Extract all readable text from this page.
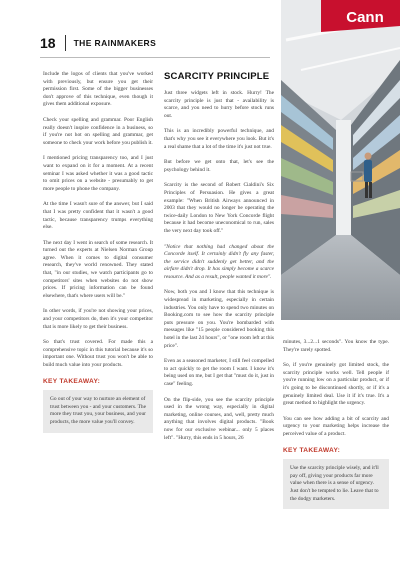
18 THE RAINMAKERS

Include the logos of clients that you've worked with previously, but ensure you get their permission first. Some of the bigger businesses don't approve of this technique, even though it gives them additional exposure.

Check your spelling and grammar. Poor English really doesn't inspire confidence in a business, so if you're not hot on spelling and grammar, get someone to check your work before you publish it.

I mentioned pricing transparency too, and I just want to expand on it for a moment. At a recent seminar I was asked whether it was a good tactic to omit prices on a website - presumably to get more people to phone the company.

At the time I wasn't sure of the answer, but I said that I was pretty confident that it wasn't a good tactic, because transparency trumps everything else.

The next day I went in search of some research. It turned out the experts at Nielsen Norman Group agree. When it comes to digital consumer research, they've world renowned. They stated that, "in our studies, we watch participants go to competitors' sites when websites do not show prices. If pricing information can be found elsewhere, that's where users will be."

In other words, if you're not showing your prices, and your competitors do, then it's your competitor that is more likely to get their business.

So that's trust covered. For made this a comprehensive topic in this tutorial because it's so important one. Without trust you won't be able to build much value into your products.

KEY TAKEAWAY:
Go out of your way to nurture an element of trust between you - and your customers. The more they trust you, your business, and your products, the more value you'll convey.
SCARCITY PRINCIPLE

Just three widgets left in stock. Hurry! The scarcity principle is just that - availability is scarce, and you need to hurry before stock runs out.

This is an incredibly powerful technique, and that's why you see it everywhere you look. But it's a real shame that a lot of the time it's just not true.

But before we get onto that, let's see the psychology behind it.

Scarcity is the second of Robert Cialdini's Six Principles of Persuasion. He gives a great example: "When British Airways announced in 2003 that they would no longer be operating the twice-daily London to New York Concorde flight because it had become uneconomical to run, sales the very next day took off."

"Notice that nothing had changed about the Concorde itself. It certainly didn't fly any faster, the service didn't suddenly get better, and the airfare didn't drop. It has simply become a scarce resource. And as a result, people wanted it more".

Now, both you and I know that this technique is widespread in marketing, especially in certain industries. You only have to spend two minutes on Booking.com to see how the scarcity principle puts pressure on you. You're bombarded with messages like "15 people considered booking this hotel in the last 24 hours", or "one room left at this price".

Even as a seasoned marketer, I still feel compelled to act quickly to get the room I want. I know it's being used on me, but I get that "must do it, just in case" feeling.

On the flip-side, you see the scarcity principle used in the wrong way, especially in digital marketing, online courses, and, well, pretty much anything that involves digital products. "Book now for our exclusive webinar... only 5 places left". "Hurry, this ends in 5 hours, 26

Cann

minutes, 3...2...1 seconds". You know the type. They're rarely spotted.

So, if you're genuinely got limited stock, the scarcity principle works well. Tell people if you're running low on a particular product, or if it's going to be discontinued shortly, or if it's a genuinely limited deal. Use it if it's true. It's a great method to highlight the urgency.

You can see how adding a bit of scarcity and urgency to your marketing helps increase the perceived value of a product.

KEY TAKEAWAY:
Use the scarcity principle wisely, and it'll pay off, giving your products far more value when there is a sense of urgency. Just don't be tempted to lie. Leave that to the dodgy marketers.
